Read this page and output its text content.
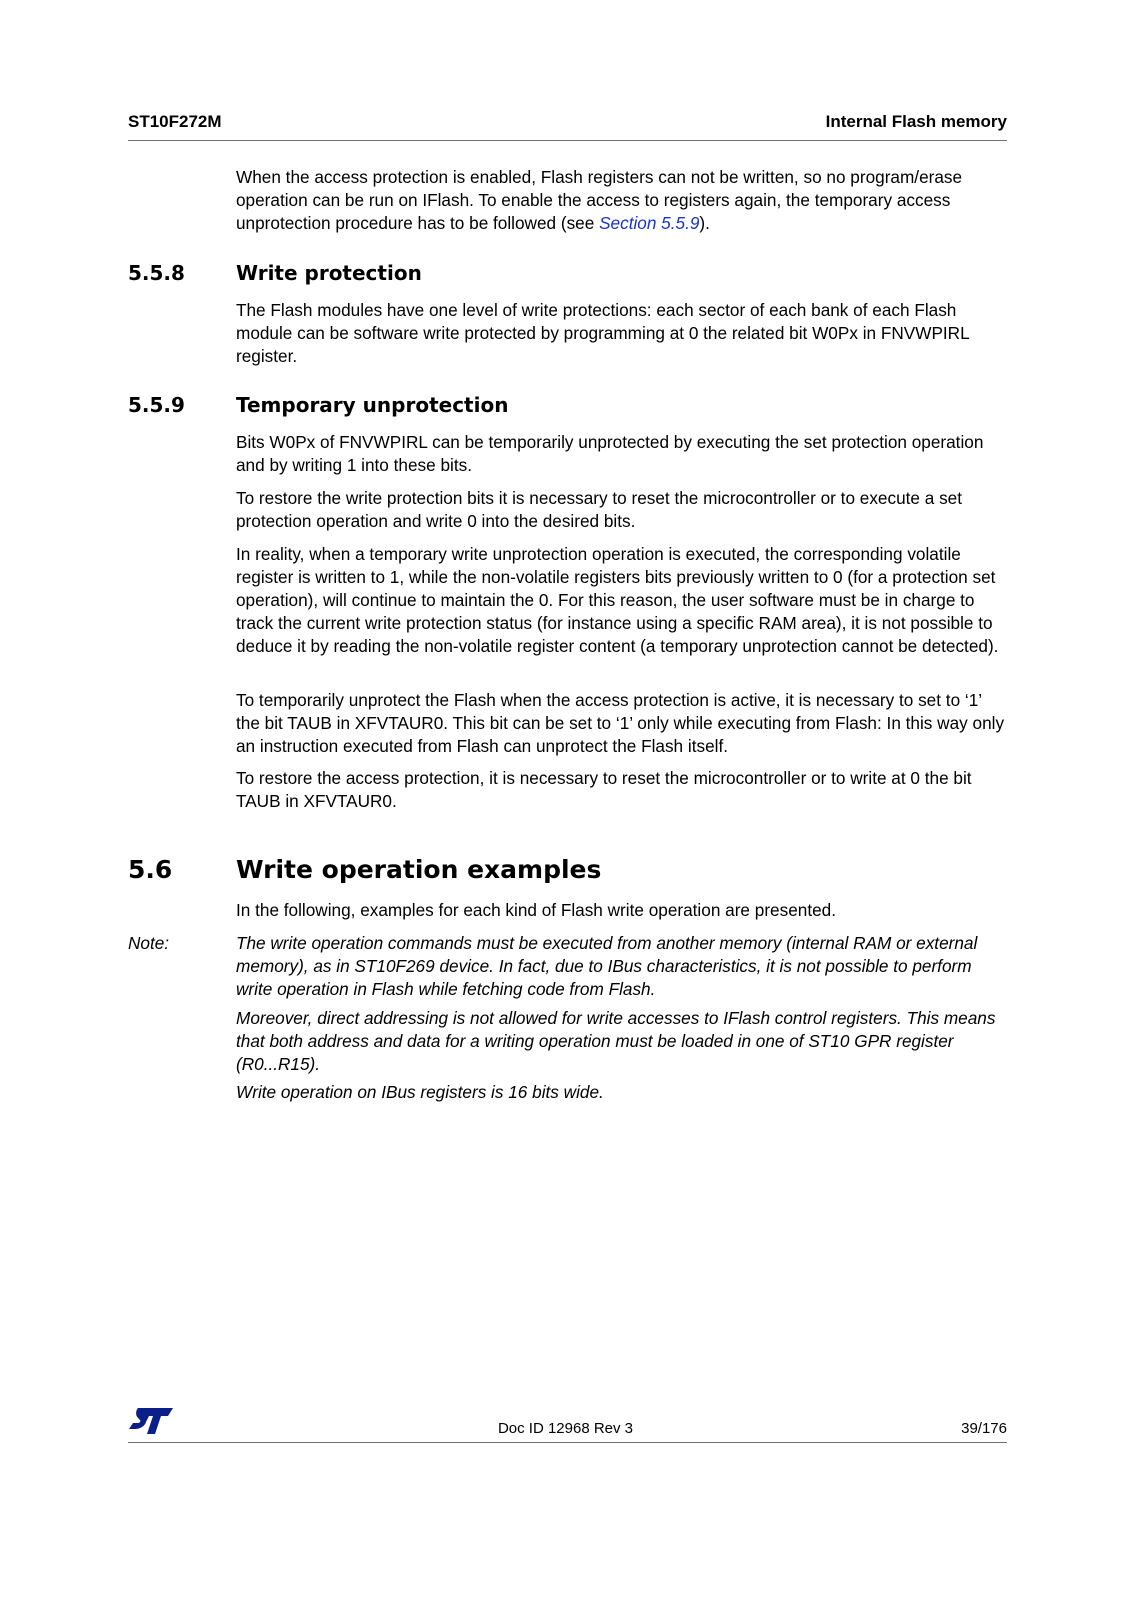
ST10F272M	Internal Flash memory

When the access protection is enabled, Flash registers can not be written, so no program/erase operation can be run on IFlash. To enable the access to registers again, the temporary access unprotection procedure has to be followed (see Section 5.5.9).

5.5.8	Write protection

The Flash modules have one level of write protections: each sector of each bank of each Flash module can be software write protected by programming at 0 the related bit W0Px in FNVWPIRL register.

5.5.9	Temporary unprotection

Bits W0Px of FNVWPIRL can be temporarily unprotected by executing the set protection operation and by writing 1 into these bits.

To restore the write protection bits it is necessary to reset the microcontroller or to execute a set protection operation and write 0 into the desired bits.

In reality, when a temporary write unprotection operation is executed, the corresponding volatile register is written to 1, while the non-volatile registers bits previously written to 0 (for a protection set operation), will continue to maintain the 0. For this reason, the user software must be in charge to track the current write protection status (for instance using a specific RAM area), it is not possible to deduce it by reading the non-volatile register content (a temporary unprotection cannot be detected).

To temporarily unprotect the Flash when the access protection is active, it is necessary to set to ‘1’ the bit TAUB in XFVTAUR0. This bit can be set to ‘1’ only while executing from Flash: In this way only an instruction executed from Flash can unprotect the Flash itself.

To restore the access protection, it is necessary to reset the microcontroller or to write at 0 the bit TAUB in XFVTAUR0.

5.6	Write operation examples

In the following, examples for each kind of Flash write operation are presented.

Note:	The write operation commands must be executed from another memory (internal RAM or external memory), as in ST10F269 device. In fact, due to IBus characteristics, it is not possible to perform write operation in Flash while fetching code from Flash.

Moreover, direct addressing is not allowed for write accesses to IFlash control registers. This means that both address and data for a writing operation must be loaded in one of ST10 GPR register (R0...R15).

Write operation on IBus registers is 16 bits wide.

Doc ID 12968 Rev 3	39/176
